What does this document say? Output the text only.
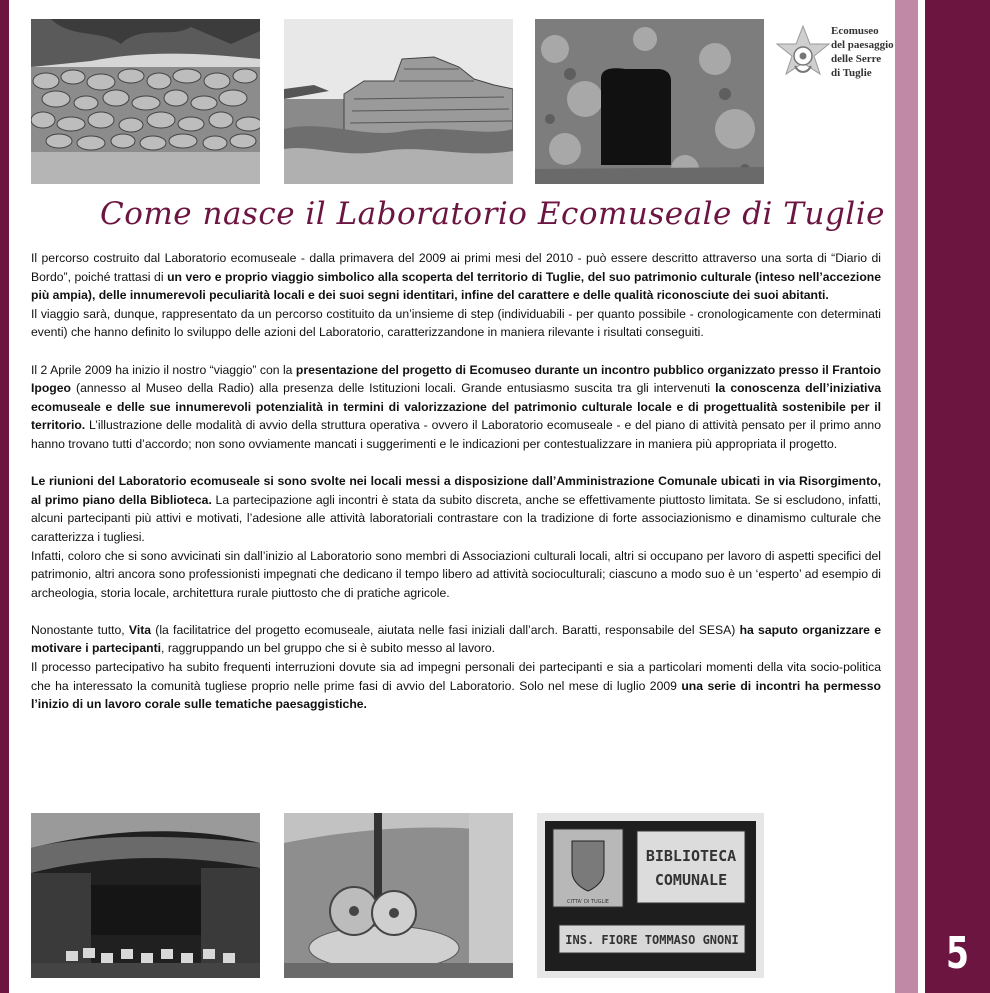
5
Ecomuseo
del paesaggio
delle Serre
di Tuglie
Come nasce il Laboratorio Ecomuseale di Tuglie

Il percorso costruito dal Laboratorio ecomuseale - dalla primavera del 2009 ai primi mesi del 2010 - può essere descritto attraverso una sorta di “Diario di Bordo”, poiché trattasi di un vero e proprio viaggio simbolico alla scoperta del territorio di Tuglie, del suo patrimonio culturale (inteso nell’accezione più ampia), delle innumerevoli peculiarità locali e dei suoi segni identitari, infine del carattere e delle qualità riconosciute dei suoi abitanti.

Il viaggio sarà, dunque, rappresentato da un percorso costituito da un’insieme di step (individuabili - per quanto possibile - cronologicamente con determinati eventi) che hanno definito lo sviluppo delle azioni del Laboratorio, caratterizzandone in maniera rilevante i risultati conseguiti.

Il 2 Aprile 2009 ha inizio il nostro “viaggio” con la presentazione del progetto di Ecomuseo durante un incontro pubblico organizzato presso il Frantoio Ipogeo (annesso al Museo della Radio) alla presenza delle Istituzioni locali. Grande entusiasmo suscita tra gli intervenuti la conoscenza dell’iniziativa ecomuseale e delle sue innumerevoli potenzialità in termini di valorizzazione del patrimonio culturale locale e di progettualità sostenibile per il territorio. L’illustrazione delle modalità di avvio della struttura operativa - ovvero il Laboratorio ecomuseale - e del piano di attività pensato per il primo anno hanno trovano tutti d’accordo; non sono ovviamente mancati i suggerimenti e le indicazioni per contestualizzare in maniera più appropriata il progetto.

Le riunioni del Laboratorio ecomuseale si sono svolte nei locali messi a disposizione dall’Amministrazione Comunale ubicati in via Risorgimento, al primo piano della Biblioteca. La partecipazione agli incontri è stata da subito discreta, anche se effettivamente piuttosto limitata. Se si escludono, infatti, alcuni partecipanti più attivi e motivati, l’adesione alle attività laboratoriali contrastare con la tradizione di forte associazionismo e dinamismo culturale che caratterizza i tugliesi.

Infatti, coloro che si sono avvicinati sin dall’inizio al Laboratorio sono membri di Associazioni culturali locali, altri si occupano per lavoro di aspetti specifici del patrimonio, altri ancora sono professionisti impegnati che dedicano il tempo libero ad attività socioculturali; ciascuno a modo suo è un ‘esperto’ ad esempio di archeologia, storia locale, architettura rurale piuttosto che di pratiche agricole.

Nonostante tutto, Vita (la facilitatrice del progetto ecomuseale, aiutata nelle fasi iniziali dall’arch. Baratti, responsabile del SESA) ha saputo organizzare e motivare i partecipanti, raggruppando un bel gruppo che si è subito messo al lavoro.

Il processo partecipativo ha subito frequenti interruzioni dovute sia ad impegni personali dei partecipanti e sia a particolari momenti della vita socio-politica che ha interessato la comunità tugliese proprio nelle prime fasi di avvio del Laboratorio. Solo nel mese di luglio 2009 una serie di incontri ha permesso l’inizio di un lavoro corale sulle tematiche paesaggistiche.

CITTA' DI TUGLIE
BIBLIOTECA
COMUNALE
INS. FIORE TOMMASO GNONI
